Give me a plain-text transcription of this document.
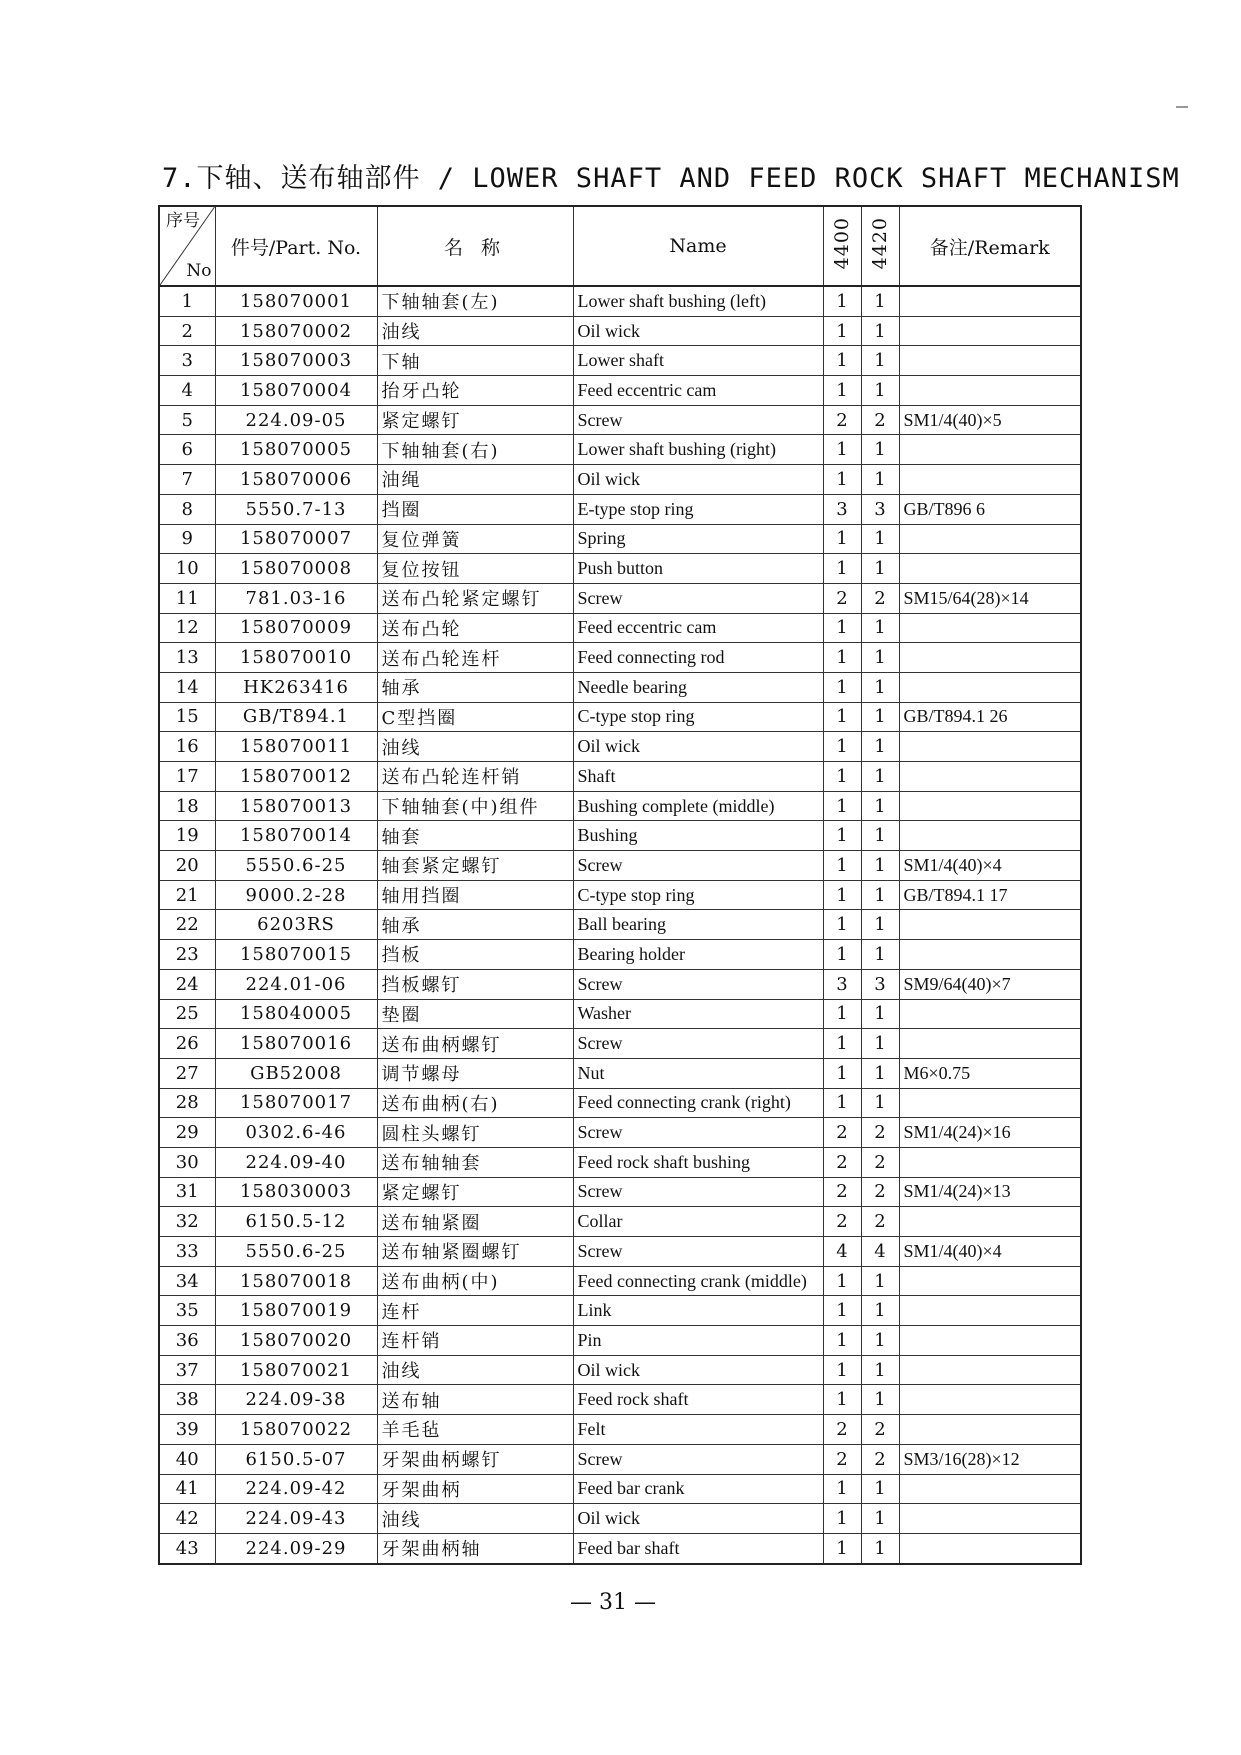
7.下轴、送布轴部件 / LOWER SHAFT AND FEED ROCK SHAFT MECHANISM
序号
No	件号/Part. No.	名 称	Name	4400	4420	备注/Remark
1	158070001	下轴轴套(左)	Lower shaft bushing (left)	1	1	
2	158070002	油线	Oil wick	1	1	
3	158070003	下轴	Lower shaft	1	1	
4	158070004	抬牙凸轮	Feed eccentric cam	1	1	
5	224.09-05	紧定螺钉	Screw	2	2	SM1/4(40)×5
6	158070005	下轴轴套(右)	Lower shaft bushing (right)	1	1	
7	158070006	油绳	Oil wick	1	1	
8	5550.7-13	挡圈	E-type stop ring	3	3	GB/T896 6
9	158070007	复位弹簧	Spring	1	1	
10	158070008	复位按钮	Push button	1	1	
11	781.03-16	送布凸轮紧定螺钉	Screw	2	2	SM15/64(28)×14
12	158070009	送布凸轮	Feed eccentric cam	1	1	
13	158070010	送布凸轮连杆	Feed connecting rod	1	1	
14	HK263416	轴承	Needle bearing	1	1	
15	GB/T894.1	C型挡圈	C-type stop ring	1	1	GB/T894.1 26
16	158070011	油线	Oil wick	1	1	
17	158070012	送布凸轮连杆销	Shaft	1	1	
18	158070013	下轴轴套(中)组件	Bushing complete (middle)	1	1	
19	158070014	轴套	Bushing	1	1	
20	5550.6-25	轴套紧定螺钉	Screw	1	1	SM1/4(40)×4
21	9000.2-28	轴用挡圈	C-type stop ring	1	1	GB/T894.1 17
22	6203RS	轴承	Ball bearing	1	1	
23	158070015	挡板	Bearing holder	1	1	
24	224.01-06	挡板螺钉	Screw	3	3	SM9/64(40)×7
25	158040005	垫圈	Washer	1	1	
26	158070016	送布曲柄螺钉	Screw	1	1	
27	GB52008	调节螺母	Nut	1	1	M6×0.75
28	158070017	送布曲柄(右)	Feed connecting crank (right)	1	1	
29	0302.6-46	圆柱头螺钉	Screw	2	2	SM1/4(24)×16
30	224.09-40	送布轴轴套	Feed rock shaft bushing	2	2	
31	158030003	紧定螺钉	Screw	2	2	SM1/4(24)×13
32	6150.5-12	送布轴紧圈	Collar	2	2	
33	5550.6-25	送布轴紧圈螺钉	Screw	4	4	SM1/4(40)×4
34	158070018	送布曲柄(中)	Feed connecting crank (middle)	1	1	
35	158070019	连杆	Link	1	1	
36	158070020	连杆销	Pin	1	1	
37	158070021	油线	Oil wick	1	1	
38	224.09-38	送布轴	Feed rock shaft	1	1	
39	158070022	羊毛毡	Felt	2	2	
40	6150.5-07	牙架曲柄螺钉	Screw	2	2	SM3/16(28)×12
41	224.09-42	牙架曲柄	Feed bar crank	1	1	
42	224.09-43	油线	Oil wick	1	1	
43	224.09-29	牙架曲柄轴	Feed bar shaft	1	1	
— 31 —
